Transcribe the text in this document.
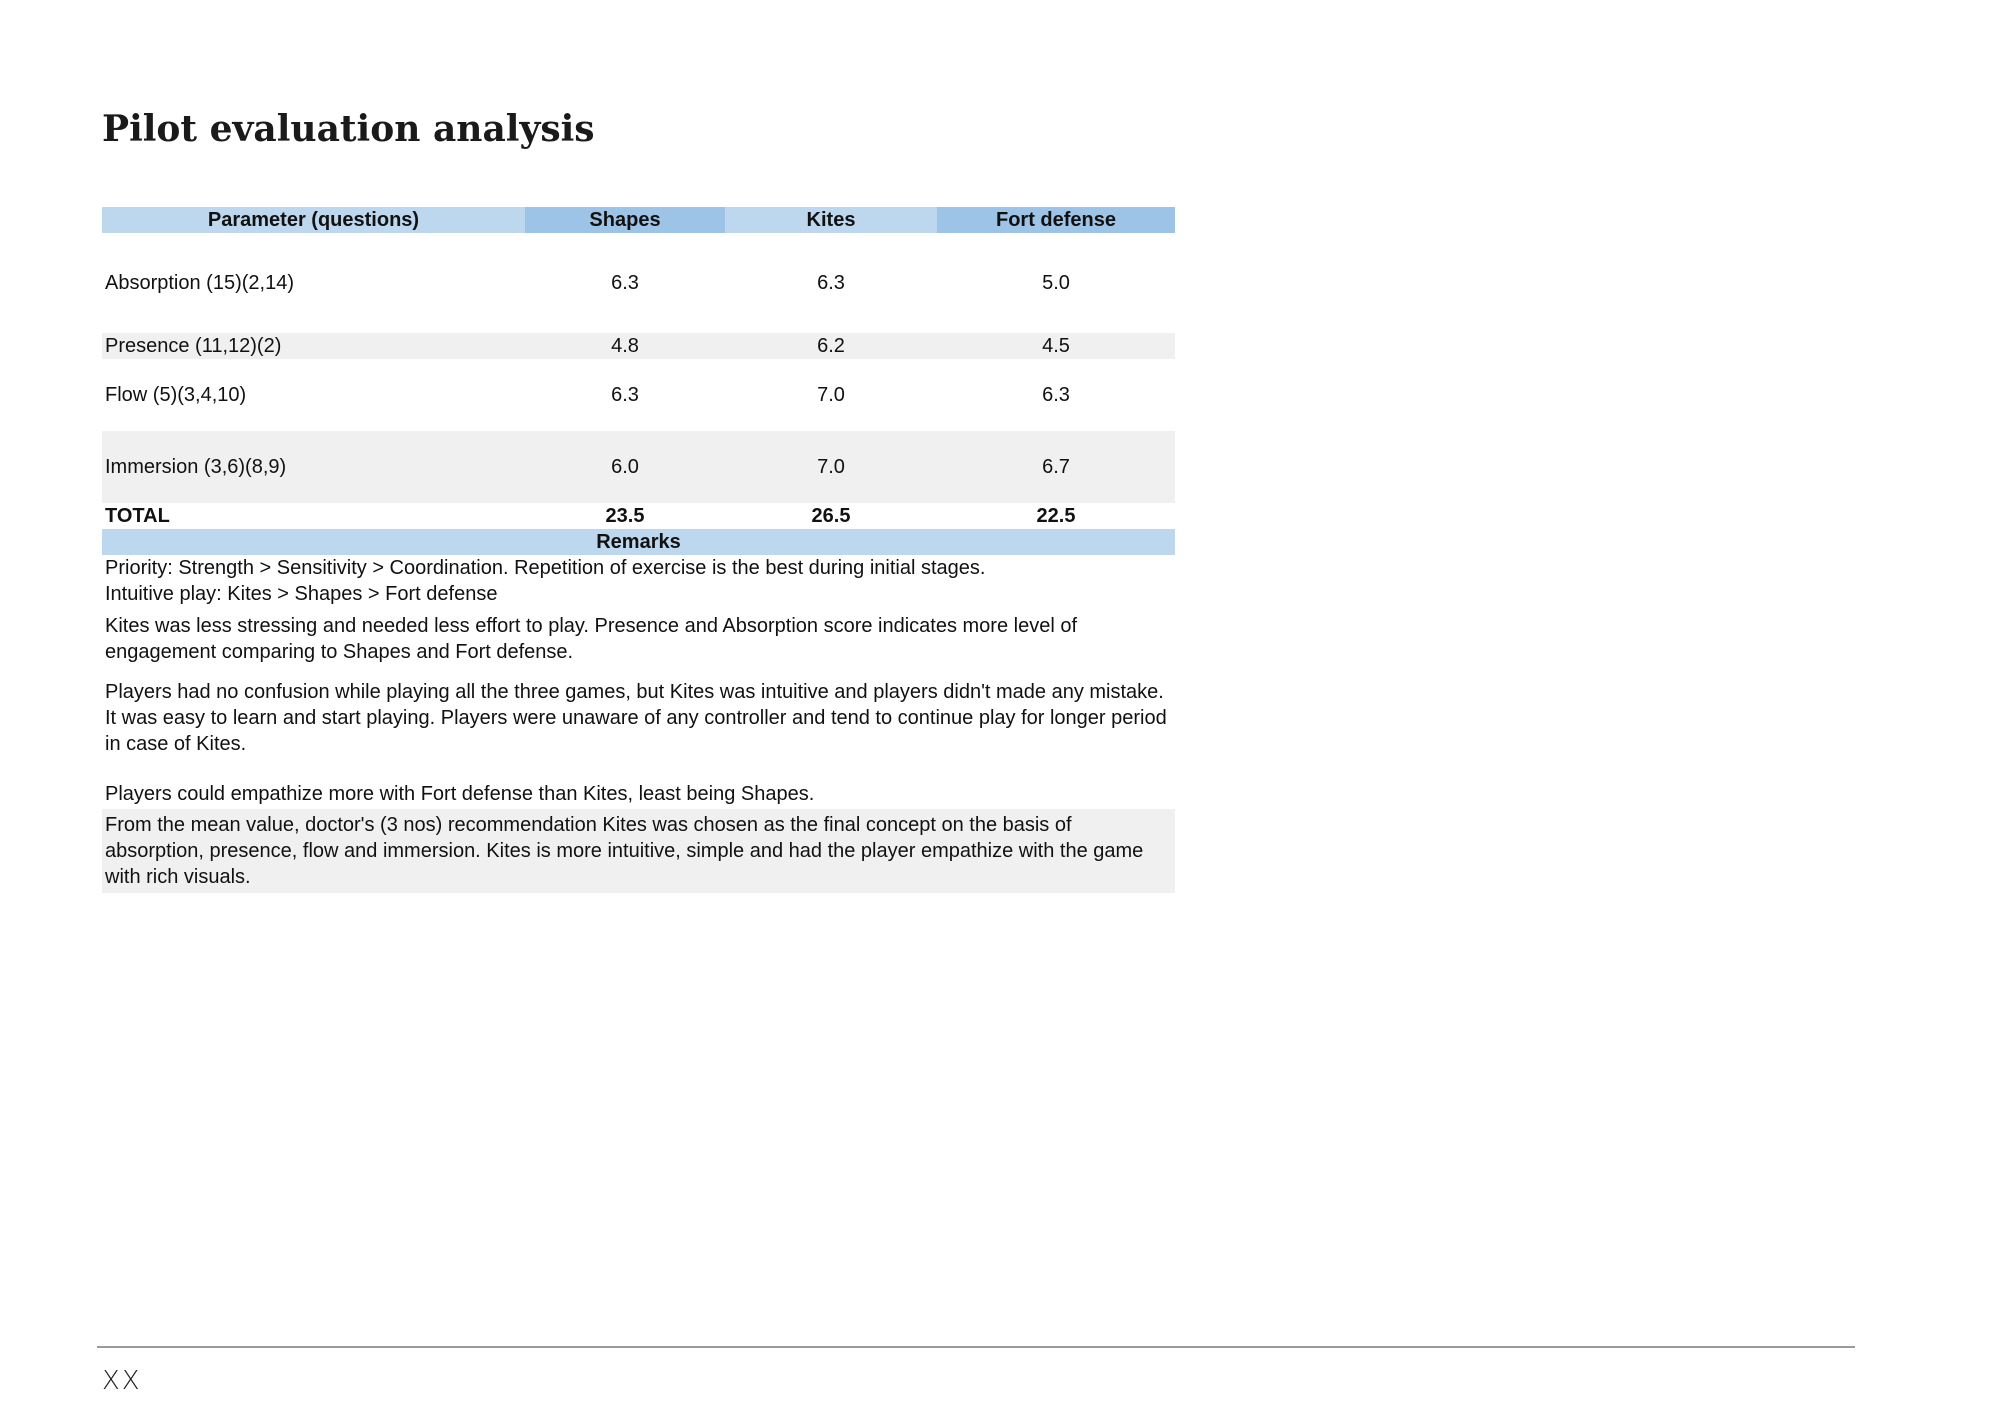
Pilot evaluation analysis
Parameter (questions)	Shapes	Kites	Fort defense
Absorption (15)(2,14)	6.3	6.3	5.0
Presence (11,12)(2)	4.8	6.2	4.5
Flow (5)(3,4,10)	6.3	7.0	6.3
Immersion (3,6)(8,9)	6.0	7.0	6.7
TOTAL	23.5	26.5	22.5
Remarks			

Priority: Strength > Sensitivity > Coordination. Repetition of exercise is the best during initial stages.
Intuitive play: Kites > Shapes > Fort defense			

Kites was less stressing and needed less effort to play. Presence and Absorption score indicates more level of engagement comparing to Shapes and Fort defense.			
Players had no confusion while playing all the three games, but Kites was intuitive and players didn't made any mistake. It was easy to learn and start playing. Players were unaware of any controller and tend to continue play for longer period in case of Kites.			
Players could empathize more with Fort defense than Kites, least being Shapes.			
From the mean value, doctor's (3 nos) recommendation Kites was chosen as the final concept on the basis of absorption, presence, flow and immersion. Kites is more intuitive, simple and had the player empathize with the game with rich visuals.			
XX
